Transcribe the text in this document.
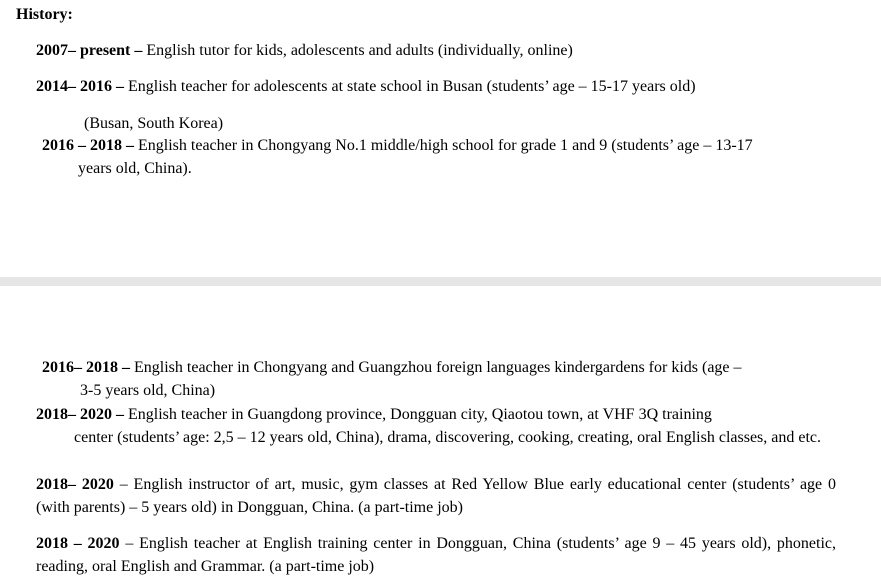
History:

2007– present – English tutor for kids, adolescents and adults (individually, online)

2014– 2016 – English teacher for adolescents at state school in Busan (students’ age – 15-17 years old)

(Busan, South Korea)

2016 – 2018 – English teacher in Chongyang No.1 middle/high school for grade 1 and 9 (students’ age – 13-17
years old, China).

2016– 2018 – English teacher in Chongyang and Guangzhou foreign languages kindergardens for kids (age –
3-5 years old, China)

2018– 2020 – English teacher in Guangdong province, Dongguan city, Qiaotou town, at VHF 3Q training
center (students’ age: 2,5 – 12 years old, China), drama, discovering, cooking, creating, oral English classes, and etc.

2018– 2020 – English instructor of art, music, gym classes at Red Yellow Blue early educational center (students’ age 0 (with parents) – 5 years old) in Dongguan, China. (a part-time job)

2018 – 2020 – English teacher at English training center in Dongguan, China (students’ age 9 – 45 years old), phonetic, reading, oral English and Grammar. (a part-time job)
